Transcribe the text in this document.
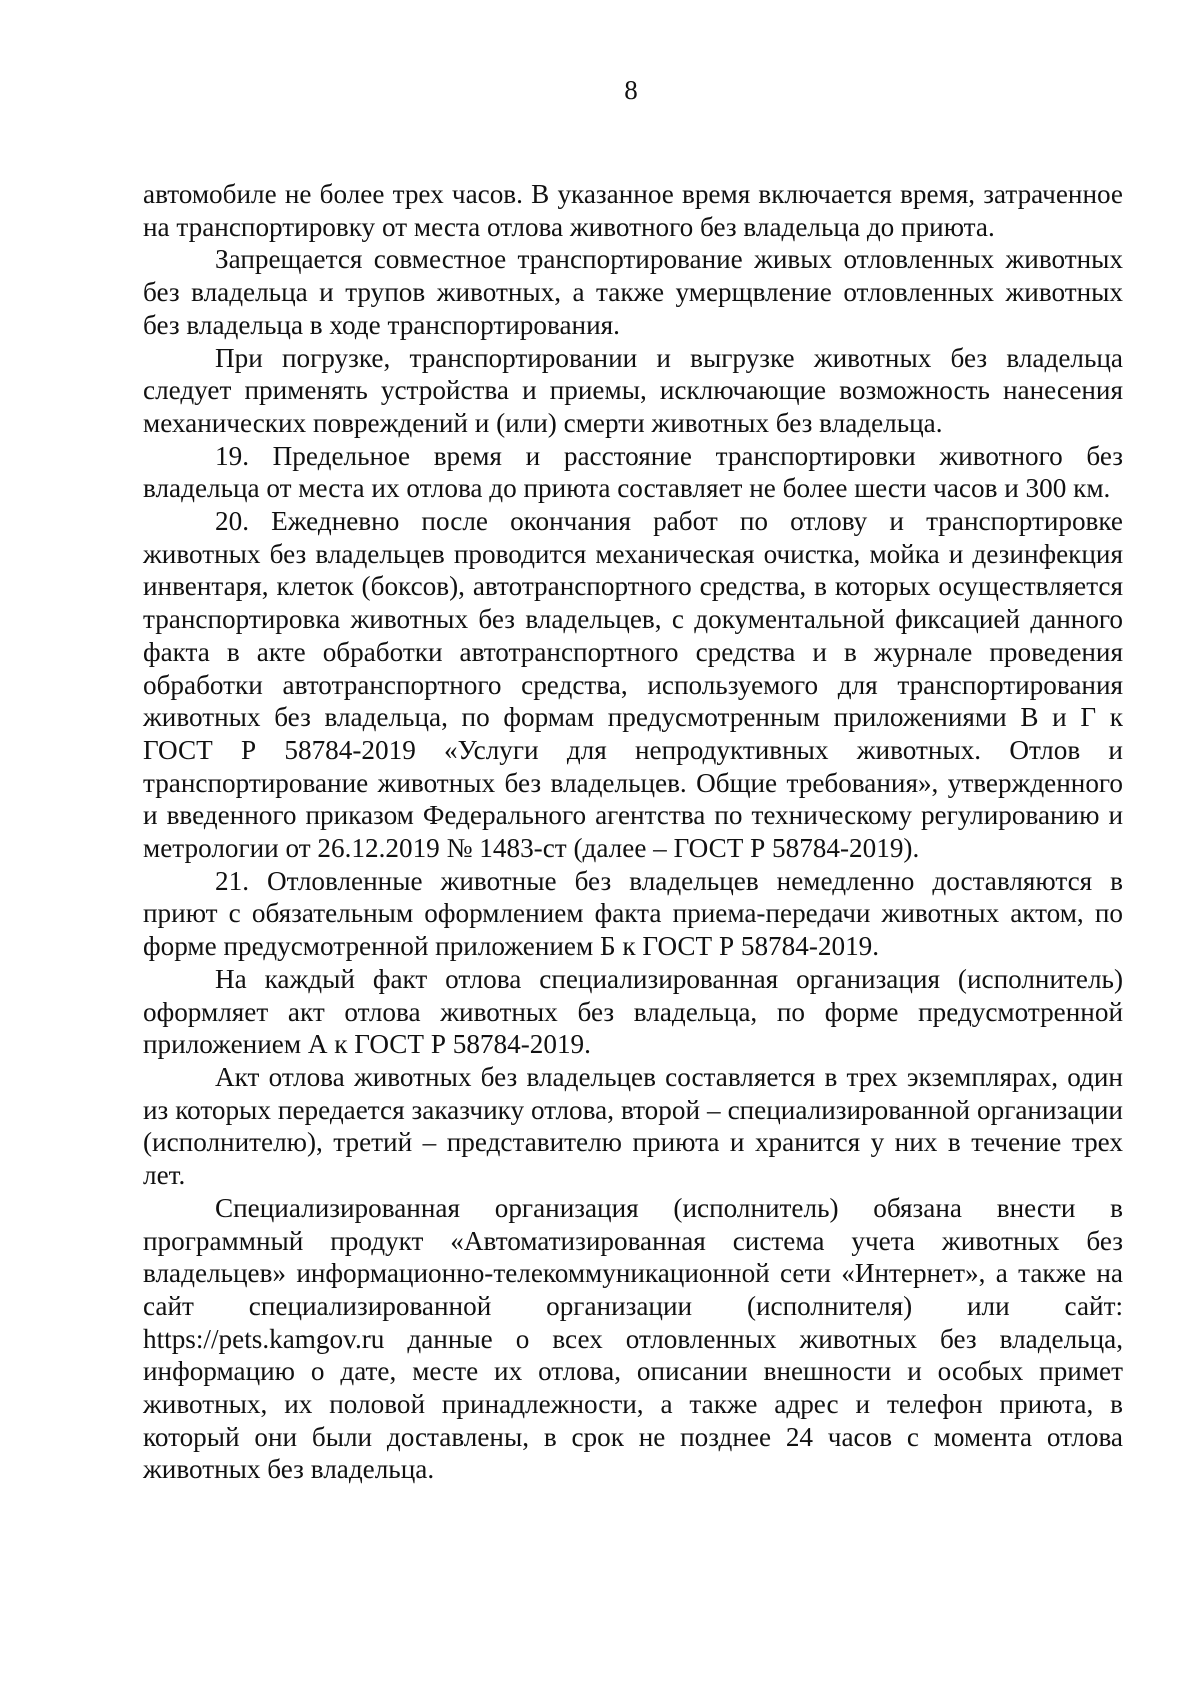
8

автомобиле не более трех часов. В указанное время включается время, затраченное на транспортировку от места отлова животного без владельца до приюта.

Запрещается совместное транспортирование живых отловленных животных без владельца и трупов животных, а также умерщвление отловленных животных без владельца в ходе транспортирования.

При погрузке, транспортировании и выгрузке животных без владельца следует применять устройства и приемы, исключающие возможность нанесения механических повреждений и (или) смерти животных без владельца.

19. Предельное время и расстояние транспортировки животного без владельца от места их отлова до приюта составляет не более шести часов и 300 км.

20. Ежедневно после окончания работ по отлову и транспортировке животных без владельцев проводится механическая очистка, мойка и дезинфекция инвентаря, клеток (боксов), автотранспортного средства, в которых осуществляется транспортировка животных без владельцев, с документальной фиксацией данного факта в акте обработки автотранспортного средства и в журнале проведения обработки автотранспортного средства, используемого для транспортирования животных без владельца, по формам предусмотренным приложениями В и Г к ГОСТ Р 58784-2019 «Услуги для непродуктивных животных. Отлов и транспортирование животных без владельцев. Общие требования», утвержденного и введенного приказом Федерального агентства по техническому регулированию и метрологии от 26.12.2019 № 1483-ст (далее – ГОСТ Р 58784-2019).

21. Отловленные животные без владельцев немедленно доставляются в приют с обязательным оформлением факта приема-передачи животных актом, по форме предусмотренной приложением Б к ГОСТ Р 58784-2019.

На каждый факт отлова специализированная организация (исполнитель) оформляет акт отлова животных без владельца, по форме предусмотренной приложением А к ГОСТ Р 58784-2019.

Акт отлова животных без владельцев составляется в трех экземплярах, один из которых передается заказчику отлова, второй – специализированной организации (исполнителю), третий – представителю приюта и хранится у них в течение трех лет.

Специализированная организация (исполнитель) обязана внести в программный продукт «Автоматизированная система учета животных без владельцев» информационно-телекоммуникационной сети «Интернет», а также на сайт специализированной организации (исполнителя) или сайт: https://pets.kamgov.ru данные о всех отловленных животных без владельца, информацию о дате, месте их отлова, описании внешности и особых примет животных, их половой принадлежности, а также адрес и телефон приюта, в который они были доставлены, в срок не позднее 24 часов с момента отлова животных без владельца.
